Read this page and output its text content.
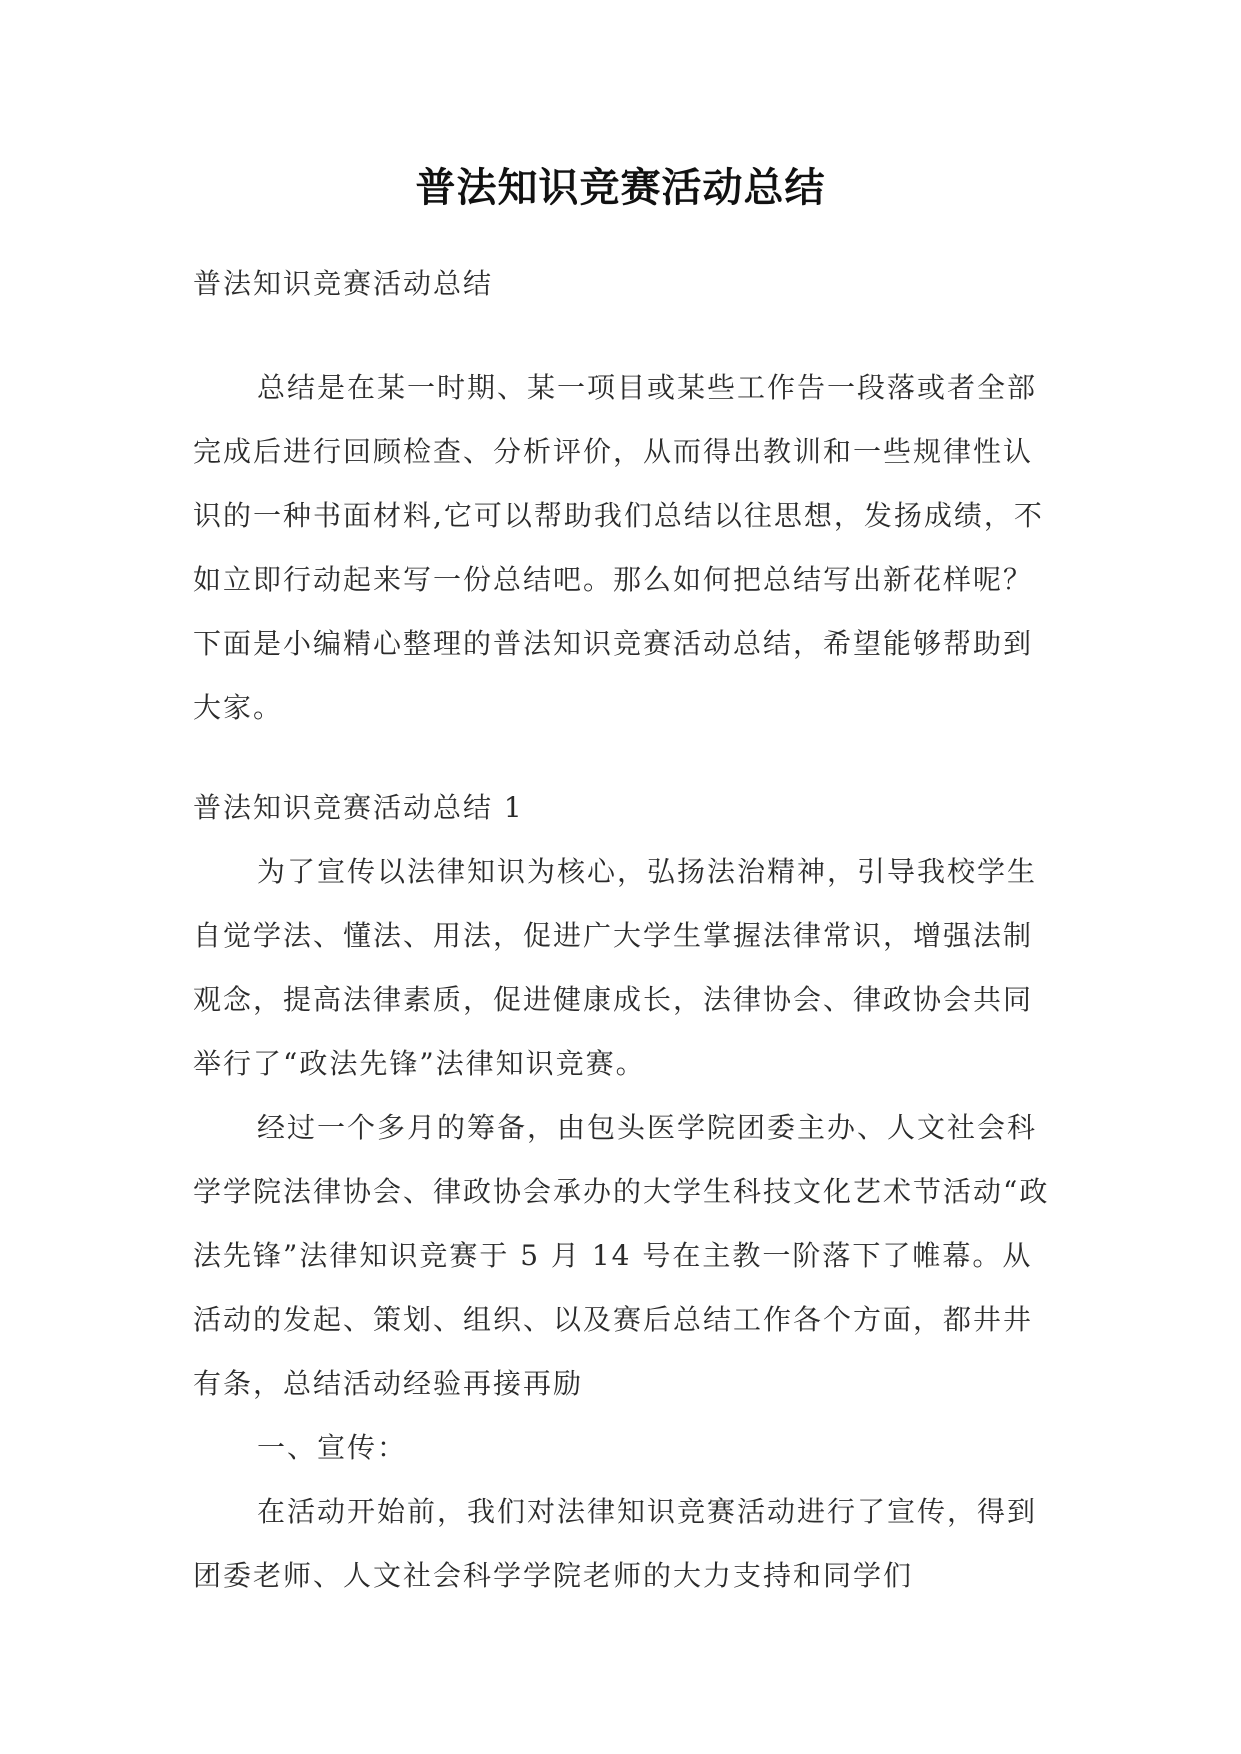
普法知识竞赛活动总结

普法知识竞赛活动总结

总结是在某一时期、某一项目或某些工作告一段落或者全部完成后进行回顾检查、分析评价，从而得出教训和一些规律性认识的一种书面材料,它可以帮助我们总结以往思想，发扬成绩，不如立即行动起来写一份总结吧。那么如何把总结写出新花样呢？下面是小编精心整理的普法知识竞赛活动总结，希望能够帮助到大家。

普法知识竞赛活动总结 1

为了宣传以法律知识为核心，弘扬法治精神，引导我校学生自觉学法、懂法、用法，促进广大学生掌握法律常识，增强法制观念，提高法律素质，促进健康成长，法律协会、律政协会共同举行了“政法先锋”法律知识竞赛。

经过一个多月的筹备，由包头医学院团委主办、人文社会科学学院法律协会、律政协会承办的大学生科技文化艺术节活动“政法先锋”法律知识竞赛于 5 月 14 号在主教一阶落下了帷幕。从活动的发起、策划、组织、以及赛后总结工作各个方面，都井井有条，总结活动经验再接再励

一、宣传：

在活动开始前，我们对法律知识竞赛活动进行了宣传，得到团委老师、人文社会科学学院老师的大力支持和同学们
